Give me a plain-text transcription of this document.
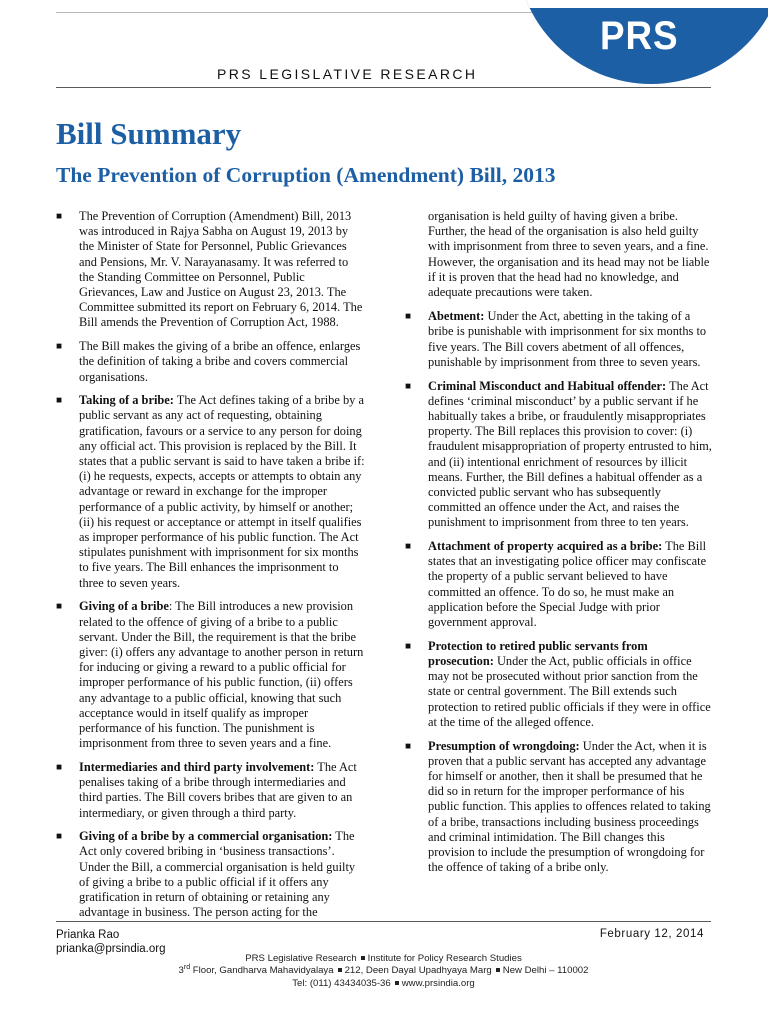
PRS
PRS LEGISLATIVE RESEARCH
Bill Summary
The Prevention of Corruption (Amendment) Bill, 2013
■ The Prevention of Corruption (Amendment) Bill, 2013 was introduced in Rajya Sabha on August 19, 2013 by the Minister of State for Personnel, Public Grievances and Pensions, Mr. V. Narayanasamy. It was referred to the Standing Committee on Personnel, Public Grievances, Law and Justice on August 23, 2013. The Committee submitted its report on February 6, 2014. The Bill amends the Prevention of Corruption Act, 1988.
■ The Bill makes the giving of a bribe an offence, enlarges the definition of taking a bribe and covers commercial organisations.
■ Taking of a bribe: The Act defines taking of a bribe by a public servant as any act of requesting, obtaining gratification, favours or a service to any person for doing any official act. This provision is replaced by the Bill. It states that a public servant is said to have taken a bribe if: (i) he requests, expects, accepts or attempts to obtain any advantage or reward in exchange for the improper performance of a public activity, by himself or another;(ii) his request or acceptance or attempt in itself qualifies as improper performance of his public function. The Act stipulates punishment with imprisonment for six months to five years. The Bill enhances the imprisonment to three to seven years.
■ Giving of a bribe: The Bill introduces a new provision related to the offence of giving of a bribe to a public servant. Under the Bill, the requirement is that the bribe giver: (i) offers any advantage to another person in return for inducing or giving a reward to a public official for improper performance of his public function, (ii) offers any advantage to a public official, knowing that such acceptance would in itself qualify as improper performance of his function. The punishment is imprisonment from three to seven years and a fine.
■ Intermediaries and third party involvement: The Act penalises taking of a bribe through intermediaries and third parties. The Bill covers bribes that are given to an intermediary, or given through a third party.
■ Giving of a bribe by a commercial organisation: The Act only covered bribing in ‘business transactions’. Under the Bill, a commercial organisation is held guilty of giving a bribe to a public official if it offers any gratification in return of obtaining or retaining any advantage in business. The person acting for the
organisation is held guilty of having given a bribe. Further, the head of the organisation is also held guilty with imprisonment from three to seven years, and a fine. However, the organisation and its head may not be liable if it is proven that the head had no knowledge, and adequate precautions were taken.
■ Abetment: Under the Act, abetting in the taking of a bribe is punishable with imprisonment for six months to five years. The Bill covers abetment of all offences, punishable by imprisonment from three to seven years.
■ Criminal Misconduct and Habitual offender: The Act defines ‘criminal misconduct’ by a public servant if he habitually takes a bribe, or fraudulently misappropriates property. The Bill replaces this provision to cover: (i) fraudulent misappropriation of property entrusted to him, and (ii) intentional enrichment of resources by illicit means. Further, the Bill defines a habitual offender as a convicted public servant who has subsequently committed an offence under the Act, and raises the punishment to imprisonment from three to ten years.
■ Attachment of property acquired as a bribe: The Bill states that an investigating police officer may confiscate the property of a public servant believed to have committed an offence. To do so, he must make an application before the Special Judge with prior government approval.
■ Protection to retired public servants from prosecution: Under the Act, public officials in office may not be prosecuted without prior sanction from the state or central government. The Bill extends such protection to retired public officials if they were in office at the time of the alleged offence.
■ Presumption of wrongdoing: Under the Act, when it is proven that a public servant has accepted any advantage for himself or another, then it shall be presumed that he did so in return for the improper performance of his public function. This applies to offences related to taking of a bribe, transactions including business proceedings and criminal intimidation. The Bill changes this provision to include the presumption of wrongdoing for the offence of taking of a bribe only.
Prianka Rao
prianka@prsindia.org
February 12, 2014
PRS Legislative Research Institute for Policy Research Studies
3rd Floor, Gandharva Mahavidyalaya 212, Deen Dayal Upadhyaya Marg New Delhi – 110002
Tel: (011) 43434035-36 www.prsindia.org
